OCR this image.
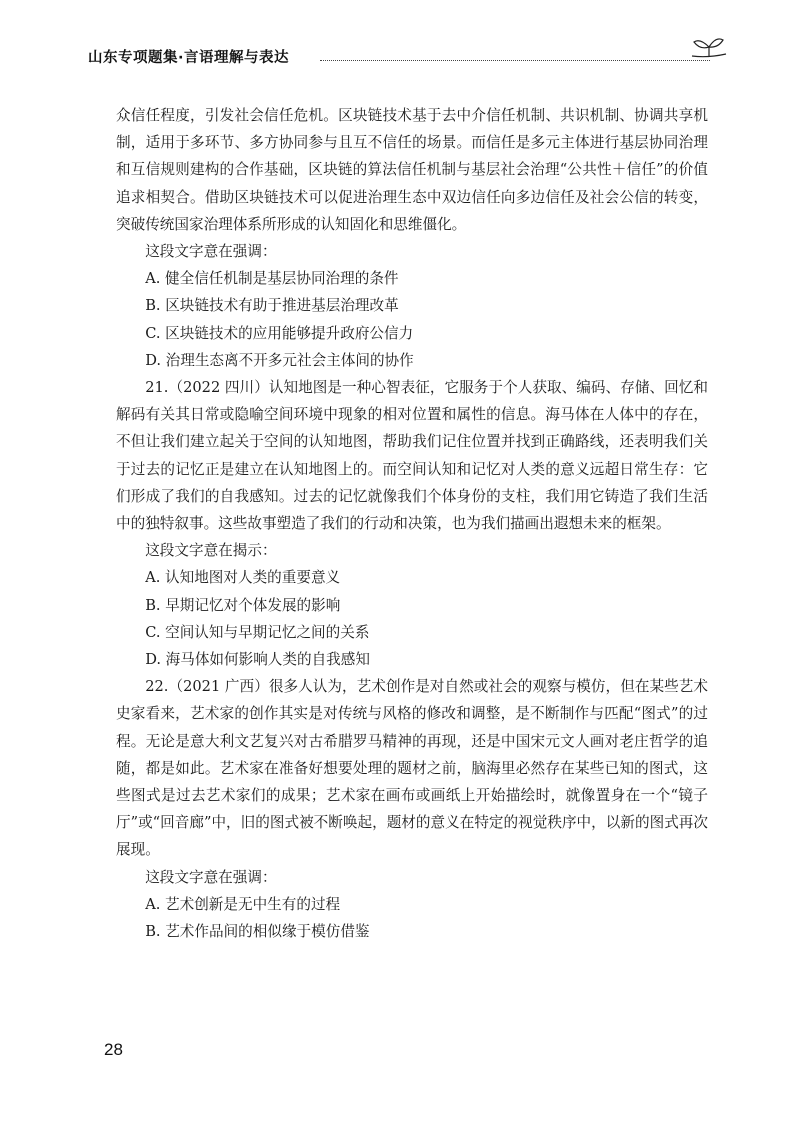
山东专项题集·言语理解与表达

众信任程度，引发社会信任危机。区块链技术基于去中介信任机制、共识机制、协调共享机制，适用于多环节、多方协同参与且互不信任的场景。而信任是多元主体进行基层协同治理和互信规则建构的合作基础，区块链的算法信任机制与基层社会治理“公共性＋信任”的价值追求相契合。借助区块链技术可以促进治理生态中双边信任向多边信任及社会公信的转变，突破传统国家治理体系所形成的认知固化和思维僵化。

这段文字意在强调：

A. 健全信任机制是基层协同治理的条件

B. 区块链技术有助于推进基层治理改革

C. 区块链技术的应用能够提升政府公信力

D. 治理生态离不开多元社会主体间的协作

21.（2022 四川）认知地图是一种心智表征，它服务于个人获取、编码、存储、回忆和解码有关其日常或隐喻空间环境中现象的相对位置和属性的信息。海马体在人体中的存在，不但让我们建立起关于空间的认知地图，帮助我们记住位置并找到正确路线，还表明我们关于过去的记忆正是建立在认知地图上的。而空间认知和记忆对人类的意义远超日常生存：它们形成了我们的自我感知。过去的记忆就像我们个体身份的支柱，我们用它铸造了我们生活中的独特叙事。这些故事塑造了我们的行动和决策，也为我们描画出遐想未来的框架。

这段文字意在揭示：

A. 认知地图对人类的重要意义

B. 早期记忆对个体发展的影响

C. 空间认知与早期记忆之间的关系

D. 海马体如何影响人类的自我感知

22.（2021 广西）很多人认为，艺术创作是对自然或社会的观察与模仿，但在某些艺术史家看来，艺术家的创作其实是对传统与风格的修改和调整，是不断制作与匹配“图式”的过程。无论是意大利文艺复兴对古希腊罗马精神的再现，还是中国宋元文人画对老庄哲学的追随，都是如此。艺术家在准备好想要处理的题材之前，脑海里必然存在某些已知的图式，这些图式是过去艺术家们的成果；艺术家在画布或画纸上开始描绘时，就像置身在一个“镜子厅”或“回音廊”中，旧的图式被不断唤起，题材的意义在特定的视觉秩序中，以新的图式再次展现。

这段文字意在强调：

A. 艺术创新是无中生有的过程

B. 艺术作品间的相似缘于模仿借鉴

28
